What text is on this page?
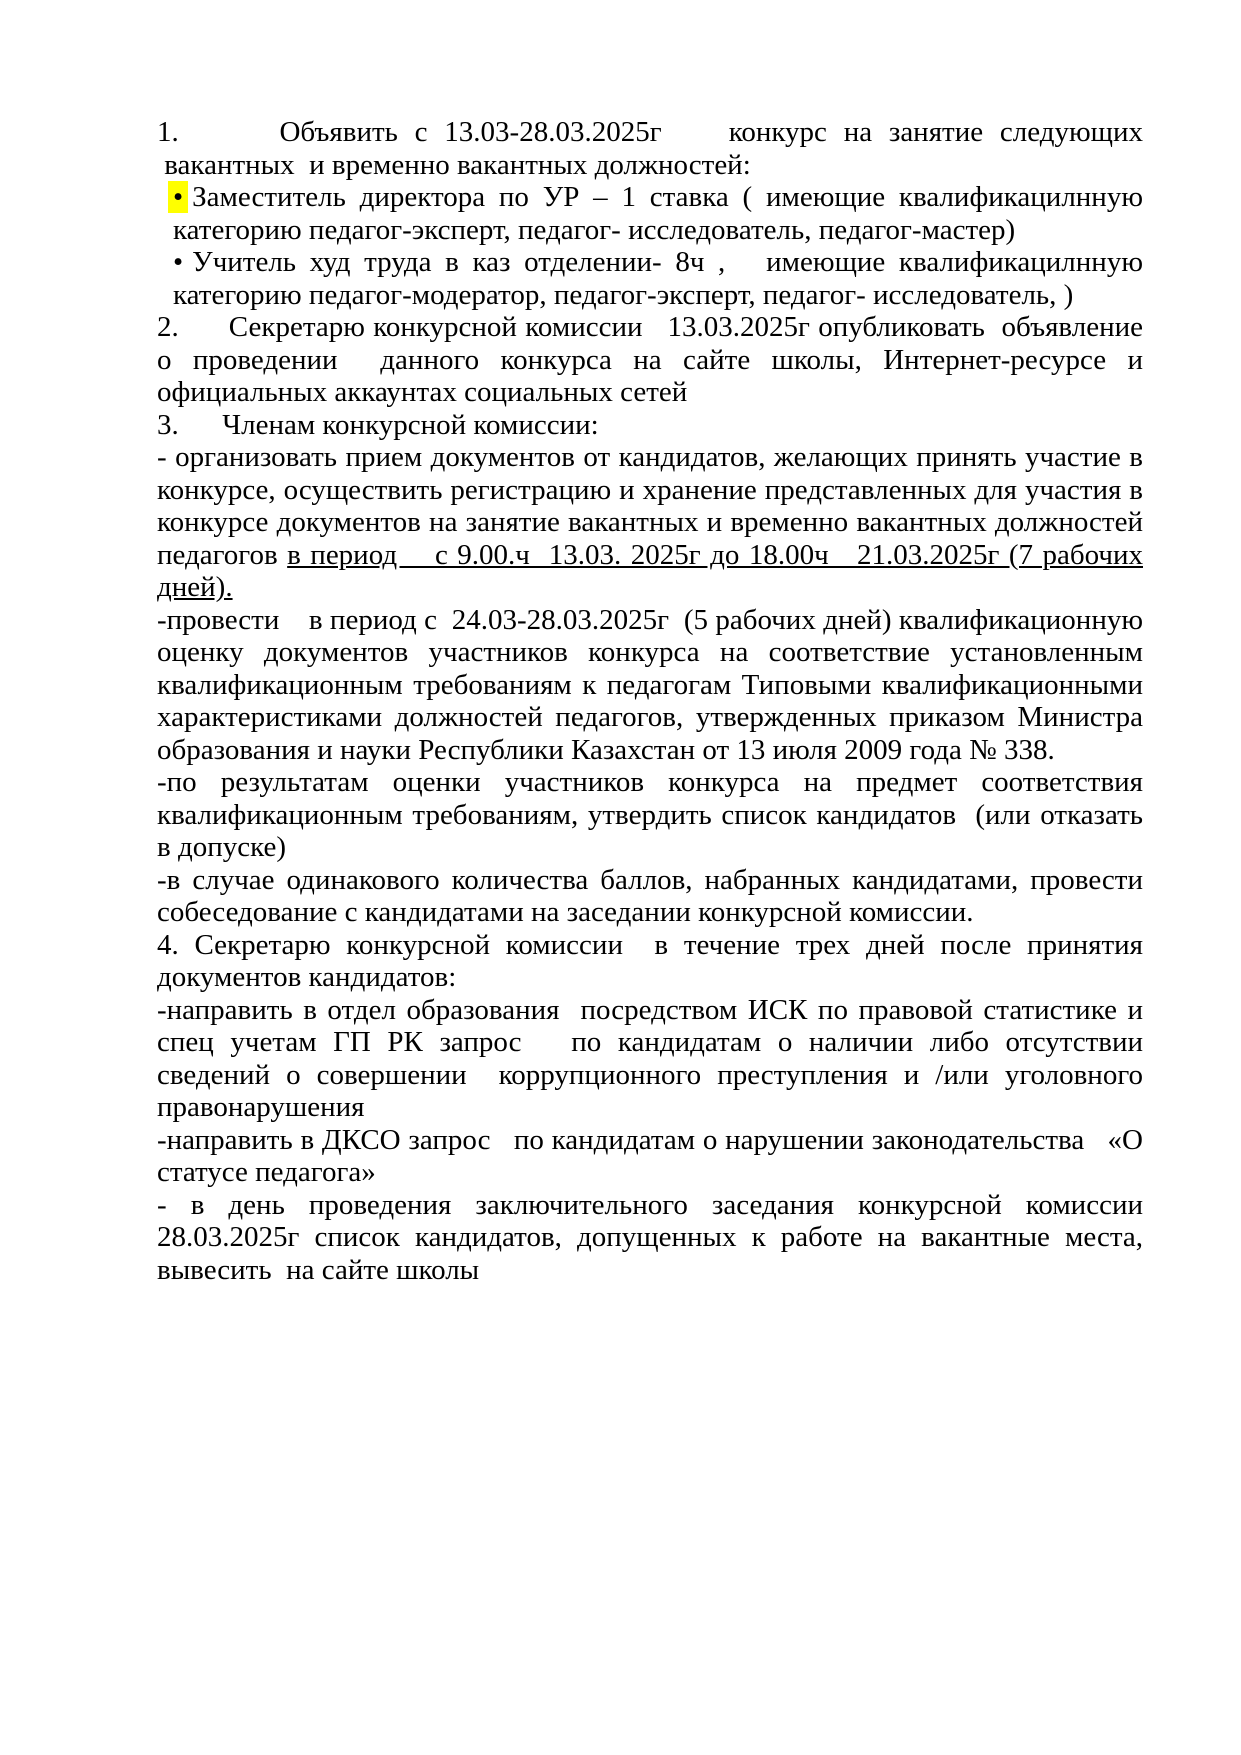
1.      Объявить с 13.03-28.03.2025г    конкурс на занятие следующих  вакантных  и временно вакантных должностей:

• Заместитель директора по УР – 1 ставка ( имеющие квалификацилнную категорию педагог-эксперт, педагог- исследователь, педагог-мастер)

• Учитель худ труда в каз отделении- 8ч ,   имеющие квалификацилнную категорию педагог-модератор, педагог-эксперт, педагог- исследователь, )

2.      Секретарю конкурсной комиссии   13.03.2025г опубликовать  объявление о проведении  данного конкурса на сайте школы, Интернет-ресурсе и официальных аккаунтах социальных сетей

3.      Членам конкурсной комиссии:

- организовать прием документов от кандидатов, желающих принять участие в конкурсе, осуществить регистрацию и хранение представленных для участия в конкурсе документов на занятие вакантных и временно вакантных должностей педагогов в период    с 9.00.ч  13.03. 2025г до 18.00ч   21.03.2025г (7 рабочих дней).

-провести    в период с  24.03-28.03.2025г  (5 рабочих дней) квалификационную оценку документов участников конкурса на соответствие установленным квалификационным требованиям к педагогам Типовыми квалификационными характеристиками должностей педагогов, утвержденных приказом Министра образования и науки Республики Казахстан от 13 июля 2009 года № 338.

-по результатам оценки участников конкурса на предмет соответствия квалификационным требованиям, утвердить список кандидатов  (или отказать в допуске)

-в случае одинакового количества баллов, набранных кандидатами, провести собеседование с кандидатами на заседании конкурсной комиссии.

4. Секретарю конкурсной комиссии  в течение трех дней после принятия документов кандидатов:

-направить в отдел образования  посредством ИСК по правовой статистике и спец учетам ГП РК запрос   по кандидатам о наличии либо отсутствии сведений о совершении  коррупционного преступления и /или уголовного правонарушения

-направить в ДКСО запрос   по кандидатам о нарушении законодательства   «О статусе педагога»

- в день проведения заключительного заседания конкурсной комиссии 28.03.2025г список кандидатов, допущенных к работе на вакантные места, вывесить  на сайте школы
